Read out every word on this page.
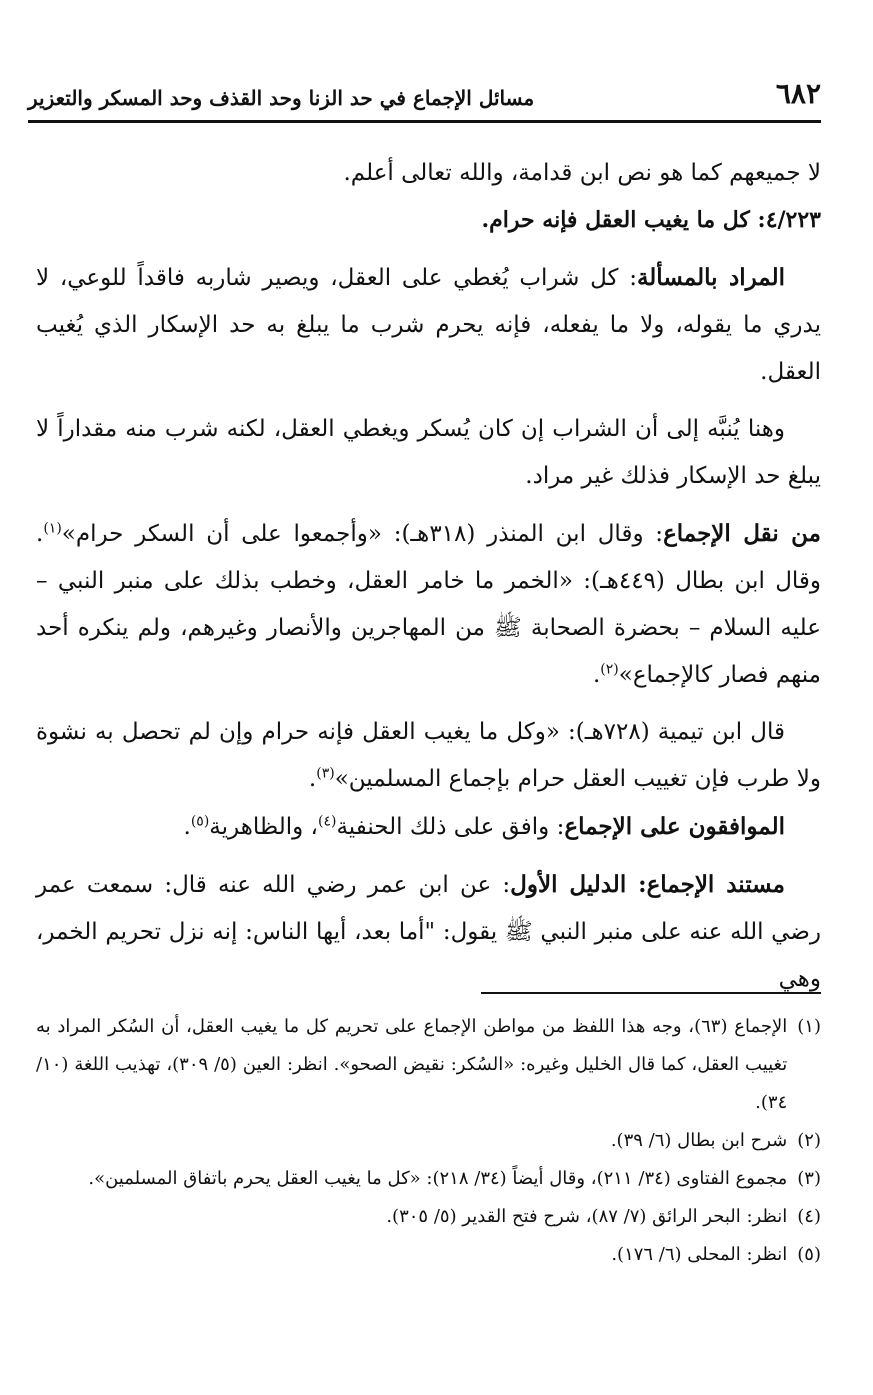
٦٨٢
مسائل الإجماع في حد الزنا وحد القذف وحد المسكر والتعزير

لا جميعهم كما هو نص ابن قدامة، والله تعالى أعلم.

٤/٢٢٣: كل ما يغيب العقل فإنه حرام.

المراد بالمسألة: كل شراب يُغطي على العقل، ويصير شاربه فاقداً للوعي، لا يدري ما يقوله، ولا ما يفعله، فإنه يحرم شرب ما يبلغ به حد الإسكار الذي يُغيب العقل.

وهنا يُنبَّه إلى أن الشراب إن كان يُسكر ويغطي العقل، لكنه شرب منه مقداراً لا يبلغ حد الإسكار فذلك غير مراد.

من نقل الإجماع: وقال ابن المنذر (٣١٨هـ): «وأجمعوا على أن السكر حرام»$^{(١)}$. وقال ابن بطال (٤٤٩هـ): «الخمر ما خامر العقل، وخطب بذلك على منبر النبي – عليه السلام – بحضرة الصحابة ﷺ من المهاجرين والأنصار وغيرهم، ولم ينكره أحد منهم فصار كالإجماع»$^{(٢)}$.

قال ابن تيمية (٧٢٨هـ): «وكل ما يغيب العقل فإنه حرام وإن لم تحصل به نشوة ولا طرب فإن تغييب العقل حرام بإجماع المسلمين»$^{(٣)}$.

الموافقون على الإجماع: وافق على ذلك الحنفية$^{(٤)}$، والظاهرية$^{(٥)}$.

مستند الإجماع: الدليل الأول: عن ابن عمر رضي الله عنه قال: سمعت عمر رضي الله عنه على منبر النبي ﷺ يقول: "أما بعد، أيها الناس: إنه نزل تحريم الخمر، وهي

(١)
الإجماع (٦٣)، وجه هذا اللفظ من مواطن الإجماع على تحريم كل ما يغيب العقل، أن السُكر المراد به تغييب العقل، كما قال الخليل وغيره: «السُكر: نقيض الصحو». انظر: العين (٥/ ٣٠٩)، تهذيب اللغة (١٠/ ٣٤).
(٢)
شرح ابن بطال (٦/ ٣٩).
(٣)
مجموع الفتاوى (٣٤/ ٢١١)، وقال أيضاً (٣٤/ ٢١٨): «كل ما يغيب العقل يحرم باتفاق المسلمين».
(٤)
انظر: البحر الرائق (٧/ ٨٧)، شرح فتح القدير (٥/ ٣٠٥).
(٥)
انظر: المحلى (٦/ ١٧٦).
